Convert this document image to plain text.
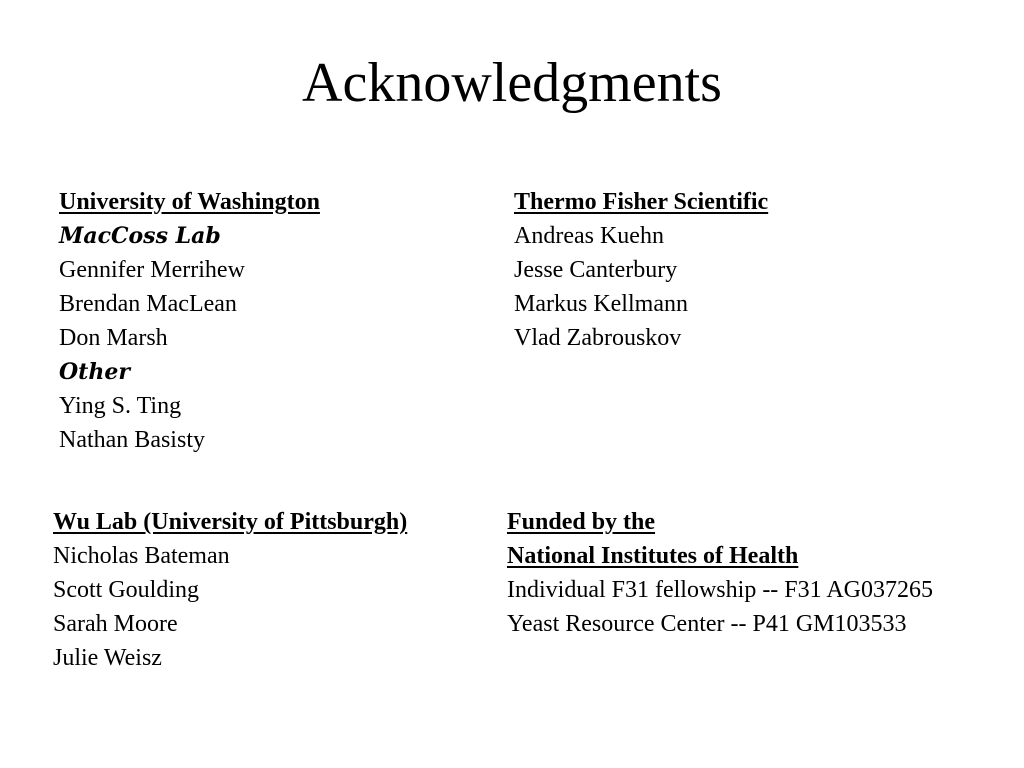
Acknowledgments
University of Washington
MacCoss Lab
Gennifer Merrihew
Brendan MacLean
Don Marsh
Other
Ying S. Ting
Nathan Basisty
Thermo Fisher Scientific
Andreas Kuehn
Jesse Canterbury
Markus Kellmann
Vlad Zabrouskov
Wu Lab (University of Pittsburgh)
Nicholas Bateman
Scott Goulding
Sarah Moore
Julie Weisz
Funded by the
National Institutes of Health
Individual F31 fellowship -- F31 AG037265
Yeast Resource Center -- P41 GM103533
